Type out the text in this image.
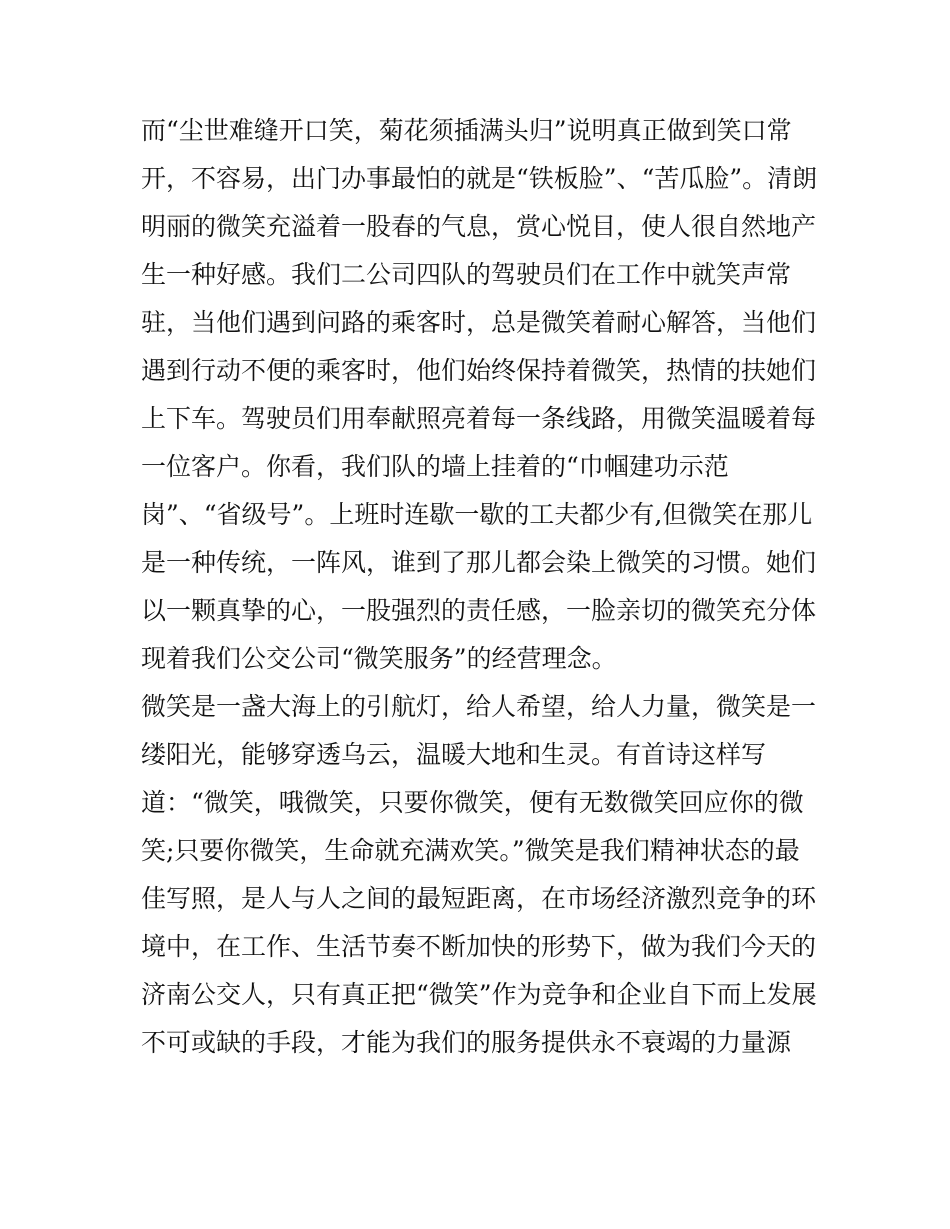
而“尘世难缝开口笑，菊花须插满头归”说明真正做到笑口常
开，不容易，出门办事最怕的就是“铁板脸”、“苦瓜脸”。清朗
明丽的微笑充溢着一股春的气息，赏心悦目，使人很自然地产
生一种好感。我们二公司四队的驾驶员们在工作中就笑声常
驻，当他们遇到问路的乘客时，总是微笑着耐心解答，当他们
遇到行动不便的乘客时，他们始终保持着微笑，热情的扶她们
上下车。驾驶员们用奉献照亮着每一条线路，用微笑温暖着每
一位客户。你看，我们队的墙上挂着的“巾帼建功示范
岗”、“省级号”。上班时连歇一歇的工夫都少有,但微笑在那儿
是一种传统，一阵风，谁到了那儿都会染上微笑的习惯。她们
以一颗真挚的心，一股强烈的责任感，一脸亲切的微笑充分体
现着我们公交公司“微笑服务”的经营理念。
微笑是一盏大海上的引航灯，给人希望，给人力量，微笑是一
缕阳光，能够穿透乌云，温暖大地和生灵。有首诗这样写
道：“微笑，哦微笑，只要你微笑，便有无数微笑回应你的微
笑;只要你微笑，生命就充满欢笑。”微笑是我们精神状态的最
佳写照，是人与人之间的最短距离，在市场经济激烈竞争的环
境中，在工作、生活节奏不断加快的形势下，做为我们今天的
济南公交人，只有真正把“微笑”作为竞争和企业自下而上发展
不可或缺的手段，才能为我们的服务提供永不衰竭的力量源
